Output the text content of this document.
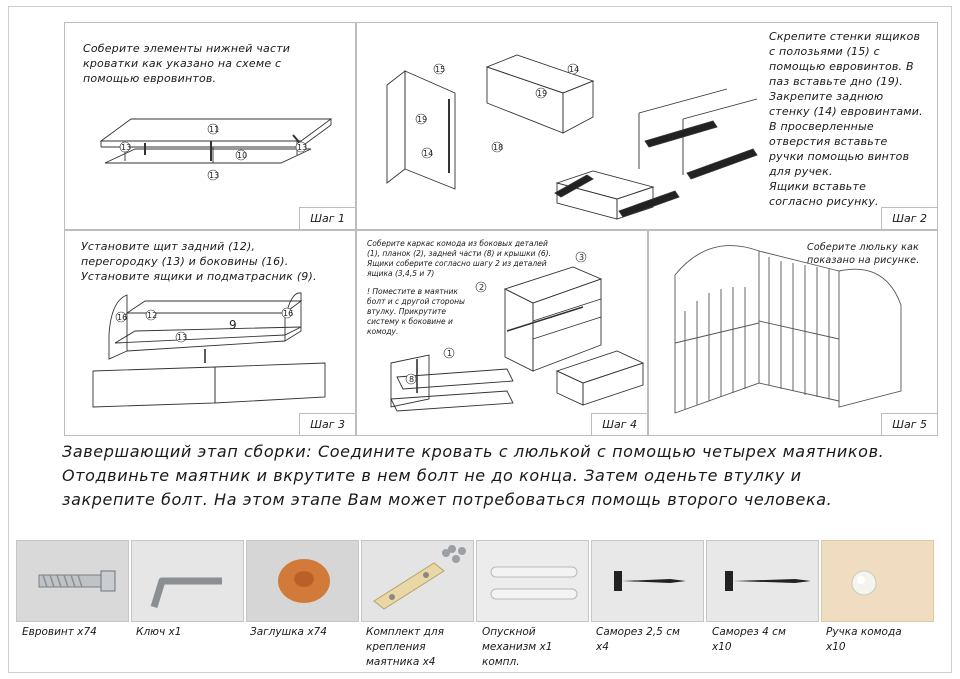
Соберите элементы нижней части
кроватки как указано на схеме с
помощью евровинтов.
11
13
10
13
13
Шаг 1
15
19
14
14
19
18
Скрепите стенки ящиков
с полозьями (15) с
помощью евровинтов. В
паз вставьте дно (19).
Закрепите заднюю
стенку (14) евровинтами.
В просверленные
отверстия вставьте
ручки помощью винтов
для ручек.
Ящики вставьте
согласно рисунку.
Шаг 2
Установите щит задний (12),
перегородку (13) и боковины (16).
Установите ящики и подматрасник (9).
16 12
9
16
13
Шаг 3
Соберите каркас комода из боковых деталей
(1), планок (2), задней части (8) и крышки (6).
Ящики соберите согласно шагу 2 из деталей
ящика (3,4,5 и 7)
! Поместите в маятник
болт и с другой стороны
втулку. Прикрутите
систему к боковине и
комоду.
3
2
1
8
Шаг 4
Соберите люльку как
показано на рисунке.
Шаг 5
Завершающий этап сборки: Соедините кровать с люлькой с помощью четырех маятников. Отодвиньте маятник и вкрутите в нем болт не до конца. Затем оденьте втулку и закрепите болт. На этом этапе Вам может потребоваться помощь второго человека.
Евровинт х74	Ключ х1	Заглушка х74	Комплект для
крепления
маятника х4
Опускной
механизм х1
компл.
Саморез 2,5 см
х4
Саморез 4 см
х10
Ручка комода
х10
